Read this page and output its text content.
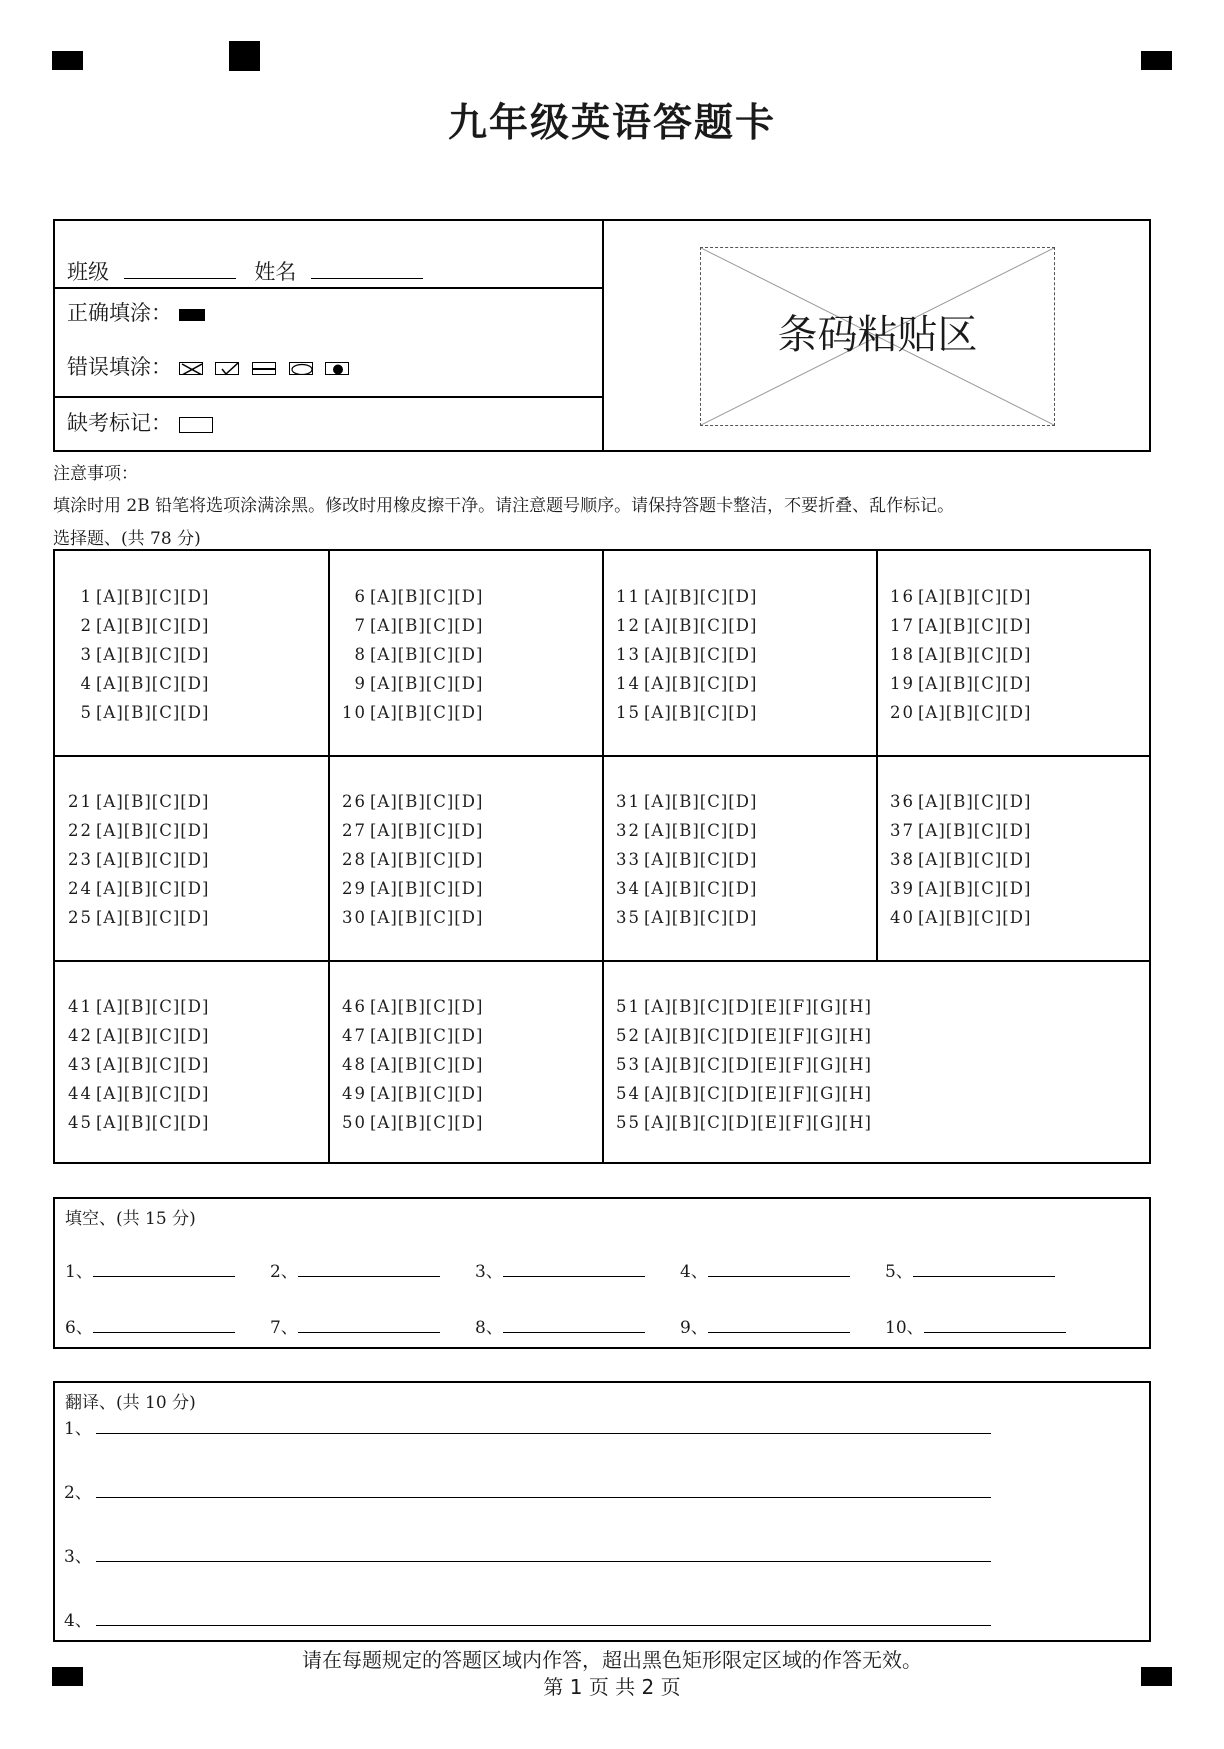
九年级英语答题卡
班级	姓名
正确填涂：
错误填涂：

缺考标记：
条码粘贴区
注意事项：
填涂时用 2B 铅笔将选项涂满涂黑。修改时用橡皮擦干净。请注意题号顺序。请保持答题卡整洁，不要折叠、乱作标记。
选择题、(共 78 分)
1 [A][B][C][D]
2 [A][B][C][D]
3 [A][B][C][D]
4 [A][B][C][D]
5 [A][B][C][D]
6 [A][B][C][D]
7 [A][B][C][D]
8 [A][B][C][D]
9 [A][B][C][D]
10 [A][B][C][D]
11 [A][B][C][D]
12 [A][B][C][D]
13 [A][B][C][D]
14 [A][B][C][D]
15 [A][B][C][D]
16 [A][B][C][D]
17 [A][B][C][D]
18 [A][B][C][D]
19 [A][B][C][D]
20 [A][B][C][D]
21 [A][B][C][D]
22 [A][B][C][D]
23 [A][B][C][D]
24 [A][B][C][D]
25 [A][B][C][D]
26 [A][B][C][D]
27 [A][B][C][D]
28 [A][B][C][D]
29 [A][B][C][D]
30 [A][B][C][D]
31 [A][B][C][D]
32 [A][B][C][D]
33 [A][B][C][D]
34 [A][B][C][D]
35 [A][B][C][D]
36 [A][B][C][D]
37 [A][B][C][D]
38 [A][B][C][D]
39 [A][B][C][D]
40 [A][B][C][D]
41 [A][B][C][D]
42 [A][B][C][D]
43 [A][B][C][D]
44 [A][B][C][D]
45 [A][B][C][D]
46 [A][B][C][D]
47 [A][B][C][D]
48 [A][B][C][D]
49 [A][B][C][D]
50 [A][B][C][D]
51 [A][B][C][D][E][F][G][H]
52 [A][B][C][D][E][F][G][H]
53 [A][B][C][D][E][F][G][H]
54 [A][B][C][D][E][F][G][H]
55 [A][B][C][D][E][F][G][H]
填空、(共 15 分)
1、	2、	3、	4、	5、
6、	7、	8、	9、	10、
翻译、(共 10 分)
1、
2、
3、
4、
请在每题规定的答题区域内作答，超出黑色矩形限定区域的作答无效。
第 1 页 共 2 页
